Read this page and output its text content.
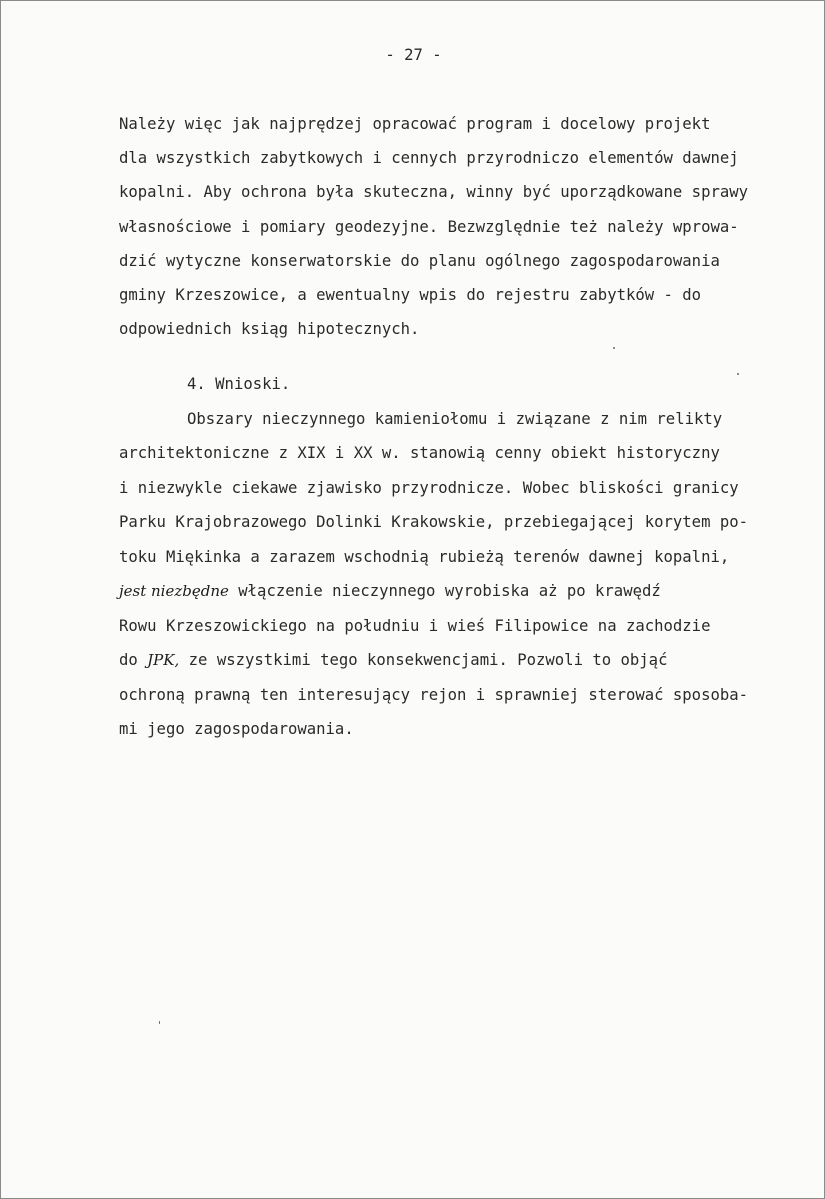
- 27 -
Należy więc jak najprędzej opracować program i docelowy projekt
dla wszystkich zabytkowych i cennych przyrodniczo elementów dawnej
kopalni. Aby ochrona była skuteczna, winny być uporządkowane sprawy
własnościowe i pomiary geodezyjne. Bezwzględnie też należy wprowa-
dzić wytyczne konserwatorskie do planu ogólnego zagospodarowania
gminy Krzeszowice, a ewentualny wpis do rejestru zabytków - do
odpowiednich ksiąg hipotecznych.
4. Wnioski.
Obszary nieczynnego kamieniołomu i związane z nim relikty
architektoniczne z XIX i XX w. stanowią cenny obiekt historyczny
i niezwykle ciekawe zjawisko przyrodnicze. Wobec bliskości granicy
Parku Krajobrazowego Dolinki Krakowskie, przebiegającej korytem po-
toku Miękinka a zarazem wschodnią rubieżą terenów dawnej kopalni,
jest niezbędne włączenie nieczynnego wyrobiska aż po krawędź
Rowu Krzeszowickiego na południu i wieś Filipowice na zachodzie
do JPK, ze wszystkimi tego konsekwencjami. Pozwoli to objąć
ochroną prawną ten interesujący rejon i sprawniej sterować sposoba-
mi jego zagospodarowania.
